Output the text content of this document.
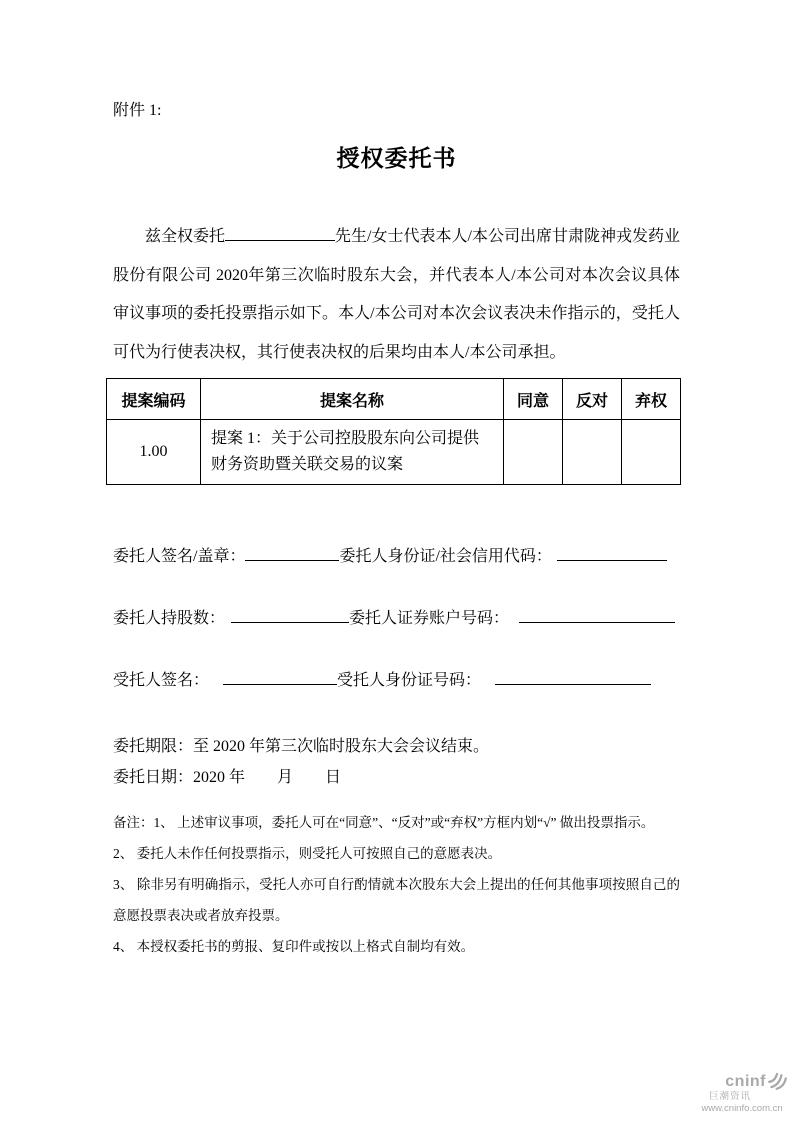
附件 1:
授权委托书

兹全权委托	先生/女士代表本人/本公司出席甘肃陇神戎发药业股份有限公司 2020年第三次临时股东大会，并代表本人/本公司对本次会议具体审议事项的委托投票指示如下。本人/本公司对本次会议表决未作指示的，受托人可代为行使表决权，其行使表决权的后果均由本人/本公司承担。

提案编码	提案名称	同意	反对	弃权
1.00	提案 1：关于公司控股股东向公司提供财务资助暨关联交易的议案			
委托人签名/盖章：	委托人身份证/社会信用代码：
委托人持股数：	委托人证券账户号码：
受托人签名：	受托人身份证号码：
委托期限：至 2020 年第三次临时股东大会会议结束。
委托日期：2020 年　　月　　日
备注：1、 上述审议事项，委托人可在“同意”、“反对”或“弃权”方框内划“√” 做出投票指示。
2、 委托人未作任何投票指示，则受托人可按照自己的意愿表决。
3、 除非另有明确指示，受托人亦可自行酌情就本次股东大会上提出的任何其他事项按照自己的意愿投票表决或者放弃投票。
4、 本授权委托书的剪报、复印件或按以上格式自制均有效。
cninf
巨潮资讯
www.cninfo.com.cn
